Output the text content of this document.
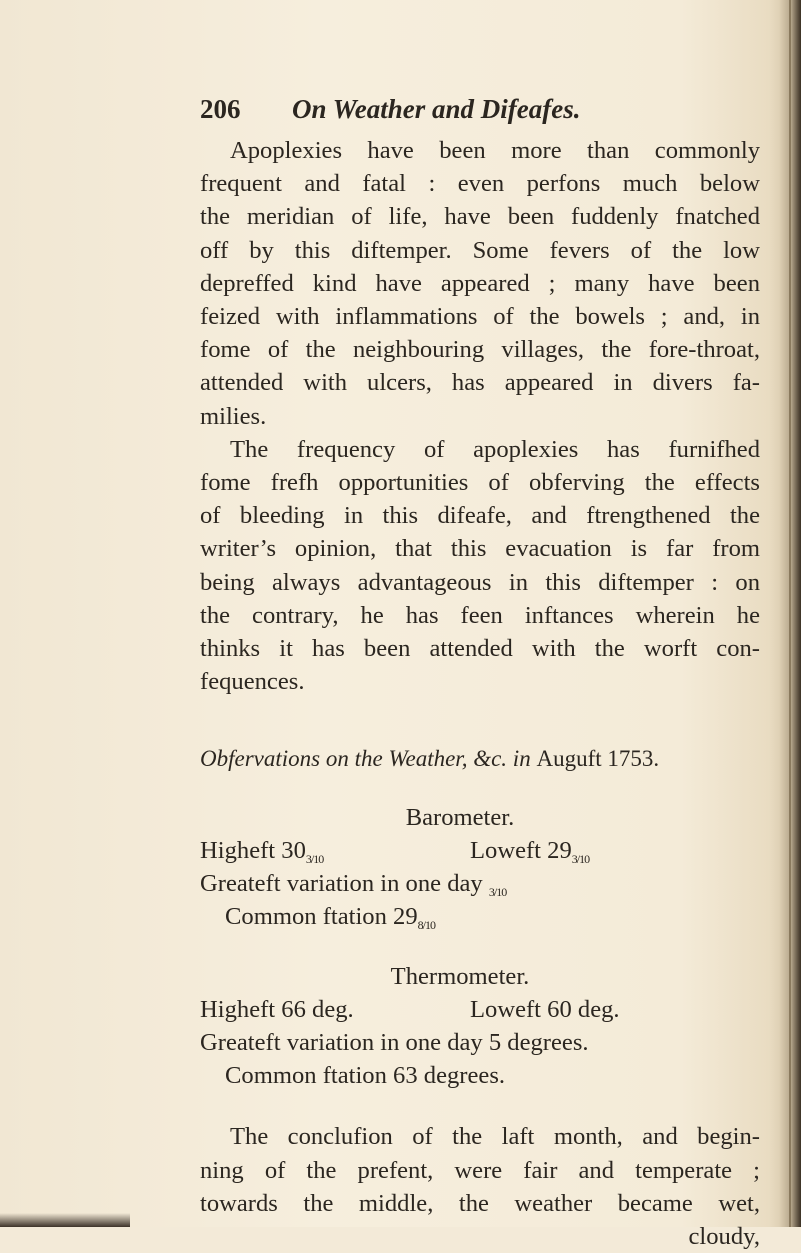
206 On Weather and Difeafes.
Apoplexies have been more than commonly
frequent and fatal : even perfons much below
the meridian of life, have been fuddenly fnatched
off by this diftemper. Some fevers of the low
depreffed kind have appeared ; many have been
feized with inflammations of the bowels ; and, in
fome of the neighbouring villages, the fore-throat,
attended with ulcers, has appeared in divers fa-
milies.
The frequency of apoplexies has furnifhed
fome frefh opportunities of obferving the effects
of bleeding in this difeafe, and ftrengthened the
writer’s opinion, that this evacuation is far from
being always advantageous in this diftemper : on
the contrary, he has feen inftances wherein he
thinks it has been attended with the worft con-
fequences.
Obfervations on the Weather, &c. in Auguft 1753.
Barometer.
Higheft $30_{3/10}$	Loweft $29_{3/10}$
Greateft variation in one day $_{3/10}$
Common ftation $29_{8/10}$
Thermometer.
Higheft 66 deg.	Loweft 60 deg.
Greateft variation in one day 5 degrees.
Common ftation 63 degrees.
The conclufion of the laft month, and begin-
ning of the prefent, were fair and temperate ;
towards the middle, the weather became wet,
cloudy,
